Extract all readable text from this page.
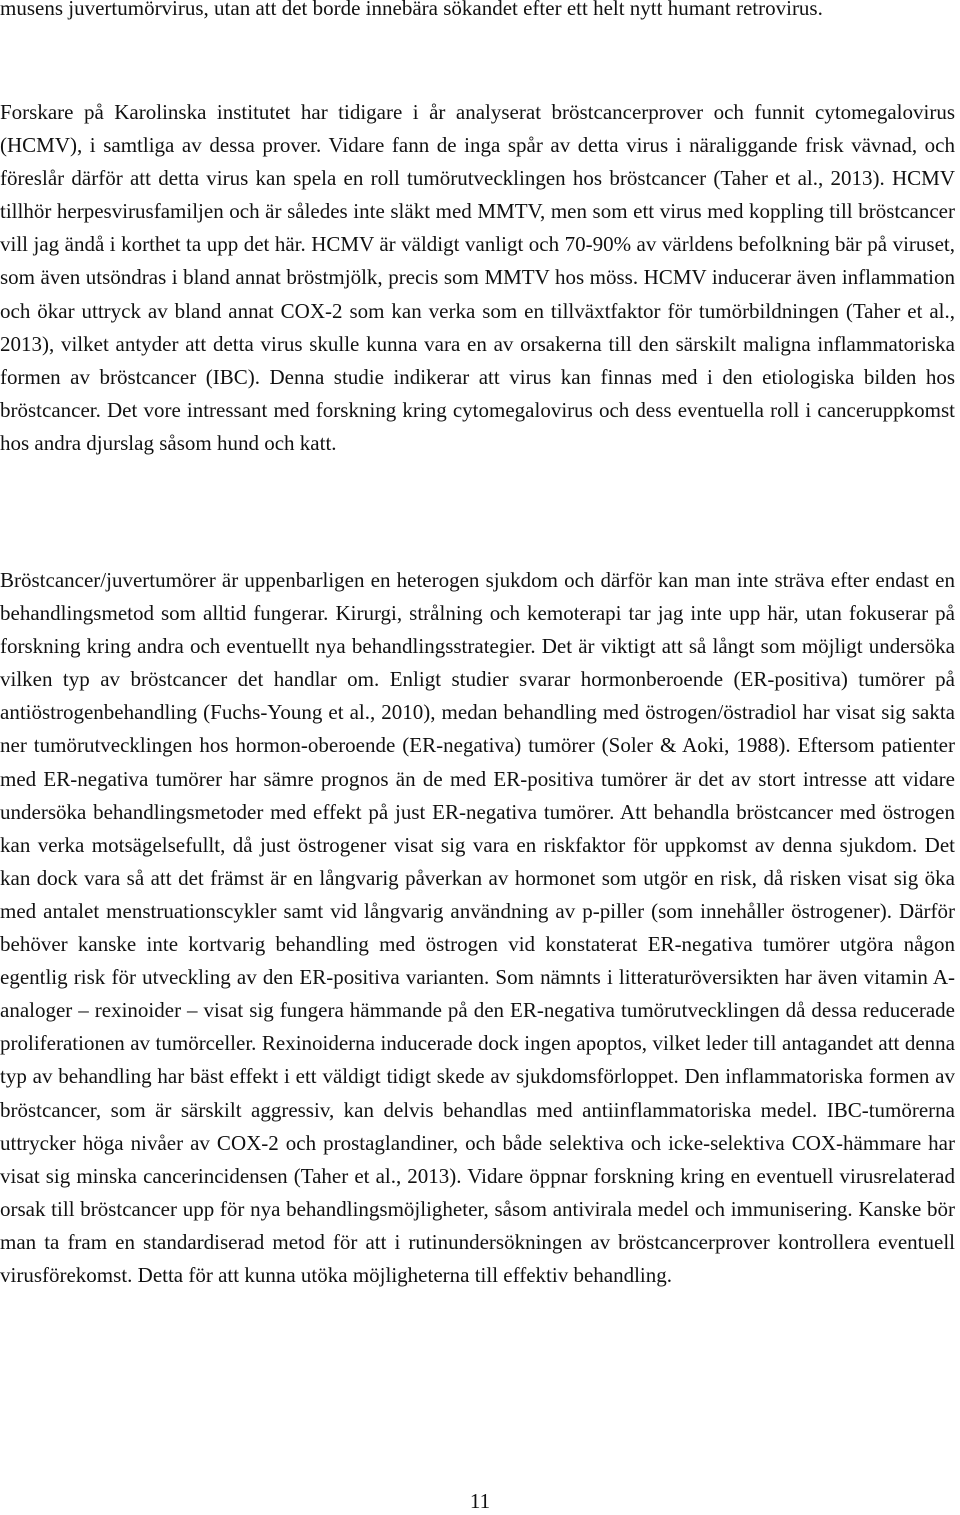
musens juvertumörvirus, utan att det borde innebära sökandet efter ett helt nytt humant retrovirus.

Forskare på Karolinska institutet har tidigare i år analyserat bröstcancerprover och funnit cytomegalovirus (HCMV), i samtliga av dessa prover. Vidare fann de inga spår av detta virus i näraliggande frisk vävnad, och föreslår därför att detta virus kan spela en roll tumörutvecklingen hos bröstcancer (Taher et al., 2013). HCMV tillhör herpesvirusfamiljen och är således inte släkt med MMTV, men som ett virus med koppling till bröstcancer vill jag ändå i korthet ta upp det här. HCMV är väldigt vanligt och 70-90% av världens befolkning bär på viruset, som även utsöndras i bland annat bröstmjölk, precis som MMTV hos möss. HCMV inducerar även inflammation och ökar uttryck av bland annat COX-2 som kan verka som en tillväxtfaktor för tumörbildningen (Taher et al., 2013), vilket antyder att detta virus skulle kunna vara en av orsakerna till den särskilt maligna inflammatoriska formen av bröstcancer (IBC). Denna studie indikerar att virus kan finnas med i den etiologiska bilden hos bröstcancer. Det vore intressant med forskning kring cytomegalovirus och dess eventuella roll i canceruppkomst hos andra djurslag såsom hund och katt.

Bröstcancer/juvertumörer är uppenbarligen en heterogen sjukdom och därför kan man inte sträva efter endast en behandlingsmetod som alltid fungerar. Kirurgi, strålning och kemoterapi tar jag inte upp här, utan fokuserar på forskning kring andra och eventuellt nya behandlingsstrategier. Det är viktigt att så långt som möjligt undersöka vilken typ av bröstcancer det handlar om. Enligt studier svarar hormonberoende (ER-positiva) tumörer på antiöstrogenbehandling (Fuchs-Young et al., 2010), medan behandling med östrogen/östradiol har visat sig sakta ner tumörutvecklingen hos hormon-oberoende (ER-negativa) tumörer (Soler & Aoki, 1988). Eftersom patienter med ER-negativa tumörer har sämre prognos än de med ER-positiva tumörer är det av stort intresse att vidare undersöka behandlingsmetoder med effekt på just ER-negativa tumörer. Att behandla bröstcancer med östrogen kan verka motsägelsefullt, då just östrogener visat sig vara en riskfaktor för uppkomst av denna sjukdom. Det kan dock vara så att det främst är en långvarig påverkan av hormonet som utgör en risk, då risken visat sig öka med antalet menstruationscykler samt vid långvarig användning av p-piller (som innehåller östrogener). Därför behöver kanske inte kortvarig behandling med östrogen vid konstaterat ER-negativa tumörer utgöra någon egentlig risk för utveckling av den ER-positiva varianten. Som nämnts i litteraturöversikten har även vitamin A-analoger – rexinoider – visat sig fungera hämmande på den ER-negativa tumörutvecklingen då dessa reducerade proliferationen av tumörceller. Rexinoiderna inducerade dock ingen apoptos, vilket leder till antagandet att denna typ av behandling har bäst effekt i ett väldigt tidigt skede av sjukdomsförloppet. Den inflammatoriska formen av bröstcancer, som är särskilt aggressiv, kan delvis behandlas med antiinflammatoriska medel. IBC-tumörerna uttrycker höga nivåer av COX-2 och prostaglandiner, och både selektiva och icke-selektiva COX-hämmare har visat sig minska cancerincidensen (Taher et al., 2013). Vidare öppnar forskning kring en eventuell virusrelaterad orsak till bröstcancer upp för nya behandlingsmöjligheter, såsom antivirala medel och immunisering. Kanske bör man ta fram en standardiserad metod för att i rutinundersökningen av bröstcancerprover kontrollera eventuell virusförekomst. Detta för att kunna utöka möjligheterna till effektiv behandling.

11
